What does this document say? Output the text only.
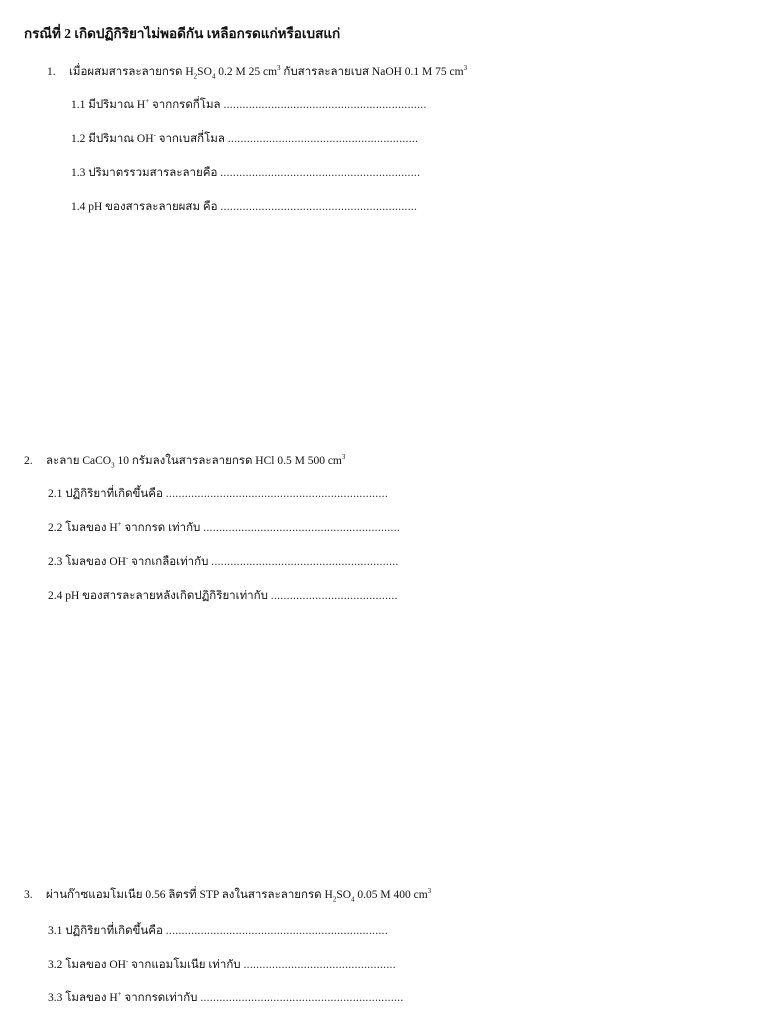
กรณีที่ 2 เกิดปฏิกิริยาไม่พอดีกัน เหลือกรดแก่หรือเบสแก่
1. เมื่อผสมสารละลายกรด $H_2SO_4$ 0.2 M 25 $cm^3$ กับสารละลายเบส NaOH 0.1 M 75 $cm^3$
1.1 มีปริมาณ H+ จากกรดกี่โมล ................................................................
1.2 มีปริมาณ OH- จากเบสกี่โมล ............................................................
1.3 ปริมาตรรวมสารละลายคือ ...............................................................
1.4 pH ของสารละลายผสม คือ ..............................................................
2. ละลาย CaCO$_3$ 10 กรัมลงในสารละลายกรด HCl 0.5 M 500 $cm^3$
2.1 ปฏิกิริยาที่เกิดขึ้นคือ ......................................................................
2.2 โมลของ H+ จากกรด เท่ากับ ..............................................................
2.3 โมลของ OH- จากเกลือเท่ากับ ...........................................................
2.4 pH ของสารละลายหลังเกิดปฏิกิริยาเท่ากับ ........................................
3. ผ่านก๊าซแอมโมเนีย 0.56 ลิตรที่ STP ลงในสารละลายกรด $H_2SO_4$ 0.05 M 400 $cm^3$
3.1 ปฏิกิริยาที่เกิดขึ้นคือ ......................................................................
3.2 โมลของ OH- จากแอมโมเนีย เท่ากับ ................................................
3.3 โมลของ H+ จากกรดเท่ากับ ................................................................
